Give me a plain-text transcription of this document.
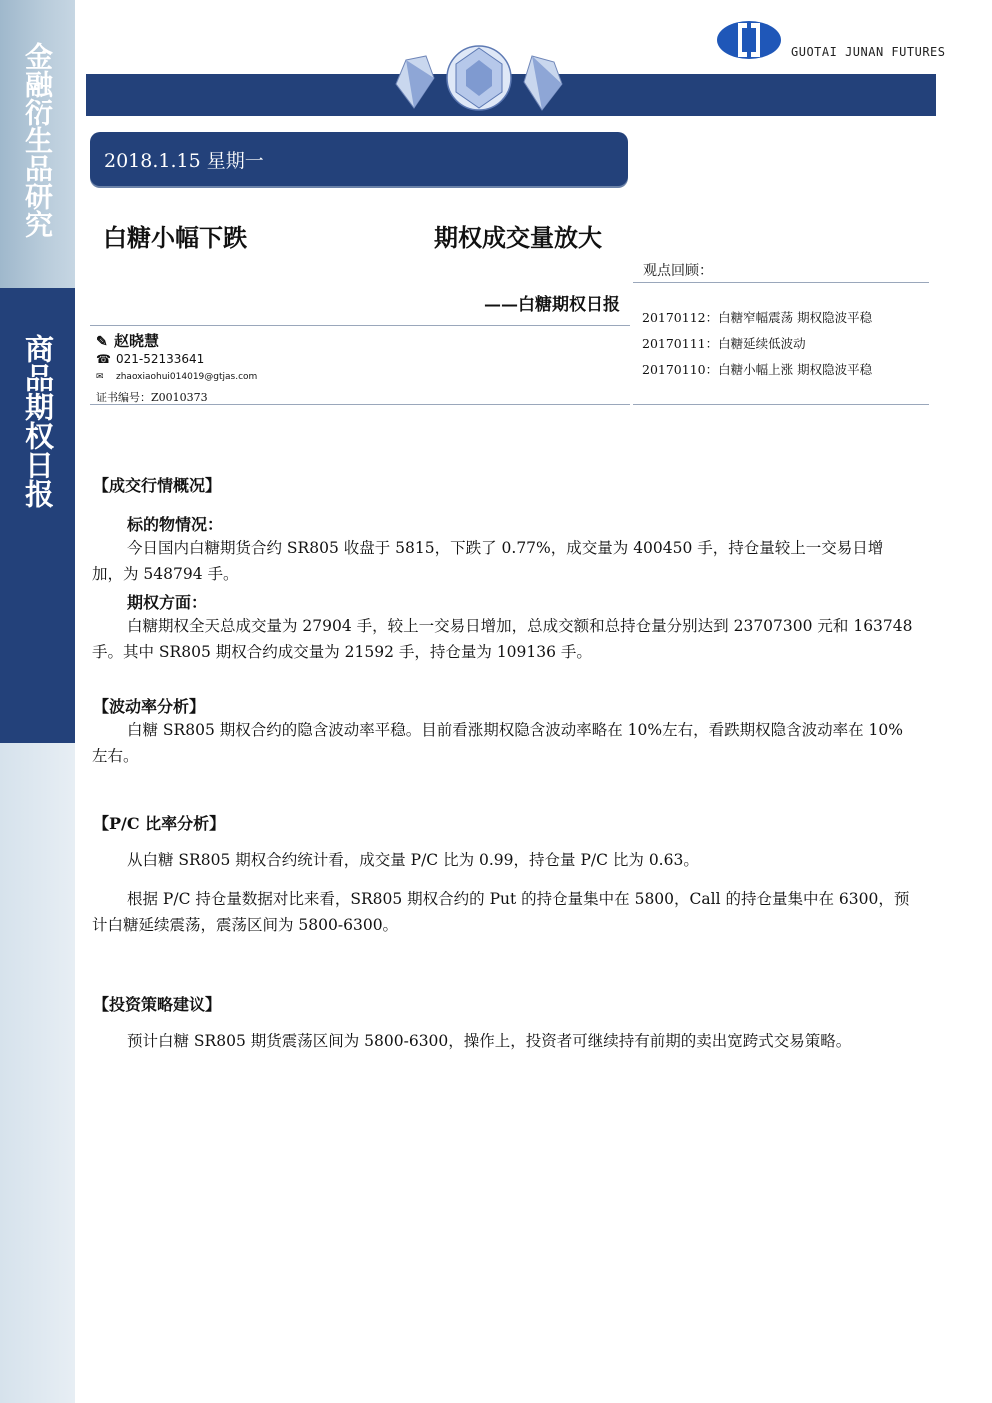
金融衍生品研究
商品期权日报
GUOTAI JUNAN FUTURES
2018.1.15 星期一
白糖小幅下跌	期权成交量放大
——白糖期权日报
✎ 赵晓慧
☎ 021-52133641
✉ zhaoxiaohui014019@gtjas.com
证书编号：Z0010373
观点回顾：
20170112：白糖窄幅震荡 期权隐波平稳
20170111：白糖延续低波动
20170110：白糖小幅上涨 期权隐波平稳
【成交行情概况】
标的物情况：

今日国内白糖期货合约 SR805 收盘于 5815，下跌了 0.77%，成交量为 400450 手，持仓量较上一交易日增加，为 548794 手。

期权方面：

白糖期权全天总成交量为 27904 手，较上一交易日增加，总成交额和总持仓量分别达到 23707300 元和 163748 手。其中 SR805 期权合约成交量为 21592 手，持仓量为 109136 手。

【波动率分析】

白糖 SR805 期权合约的隐含波动率平稳。目前看涨期权隐含波动率略在 10%左右，看跌期权隐含波动率在 10%左右。

【P/C 比率分析】

从白糖 SR805 期权合约统计看，成交量 P/C 比为 0.99，持仓量 P/C 比为 0.63。

根据 P/C 持仓量数据对比来看，SR805 期权合约的 Put 的持仓量集中在 5800，Call 的持仓量集中在 6300，预计白糖延续震荡，震荡区间为 5800-6300。

【投资策略建议】

预计白糖 SR805 期货震荡区间为 5800-6300，操作上，投资者可继续持有前期的卖出宽跨式交易策略。
